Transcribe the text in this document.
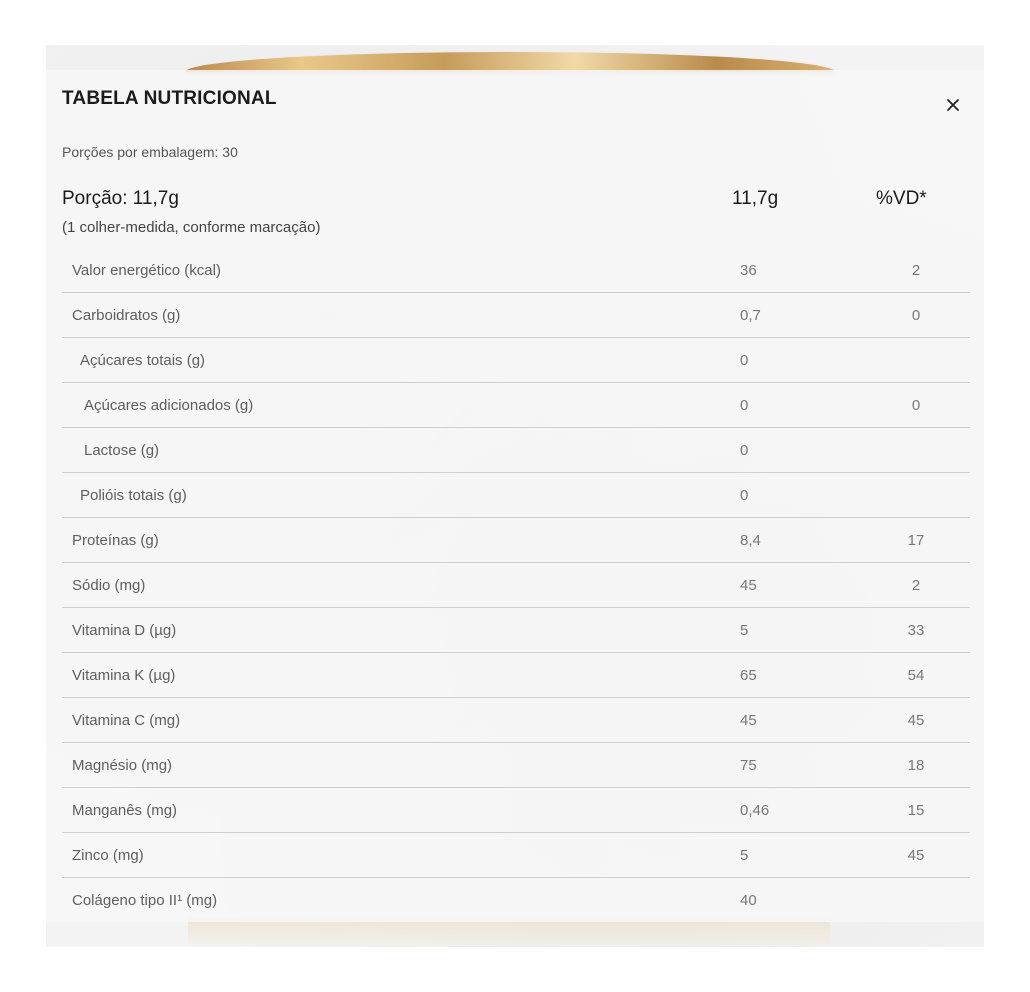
TABELA NUTRICIONAL
Porções por embalagem: 30
Porção: 11,7g
(1 colher-medida, conforme marcação)
11,7g	%VD*
Valor energético (kcal)	36	2
Carboidratos (g)	0,7	0
Açúcares totais (g)	0
Açúcares adicionados (g)	0	0
Lactose (g)	0
Polióis totais (g)	0
Proteínas (g)	8,4	17
Sódio (mg)	45	2
Vitamina D (µg)	5	33
Vitamina K (µg)	65	54
Vitamina C (mg)	45	45
Magnésio (mg)	75	18
Manganês (mg)	0,46	15
Zinco (mg)	5	45
Colágeno tipo II¹ (mg)	40
